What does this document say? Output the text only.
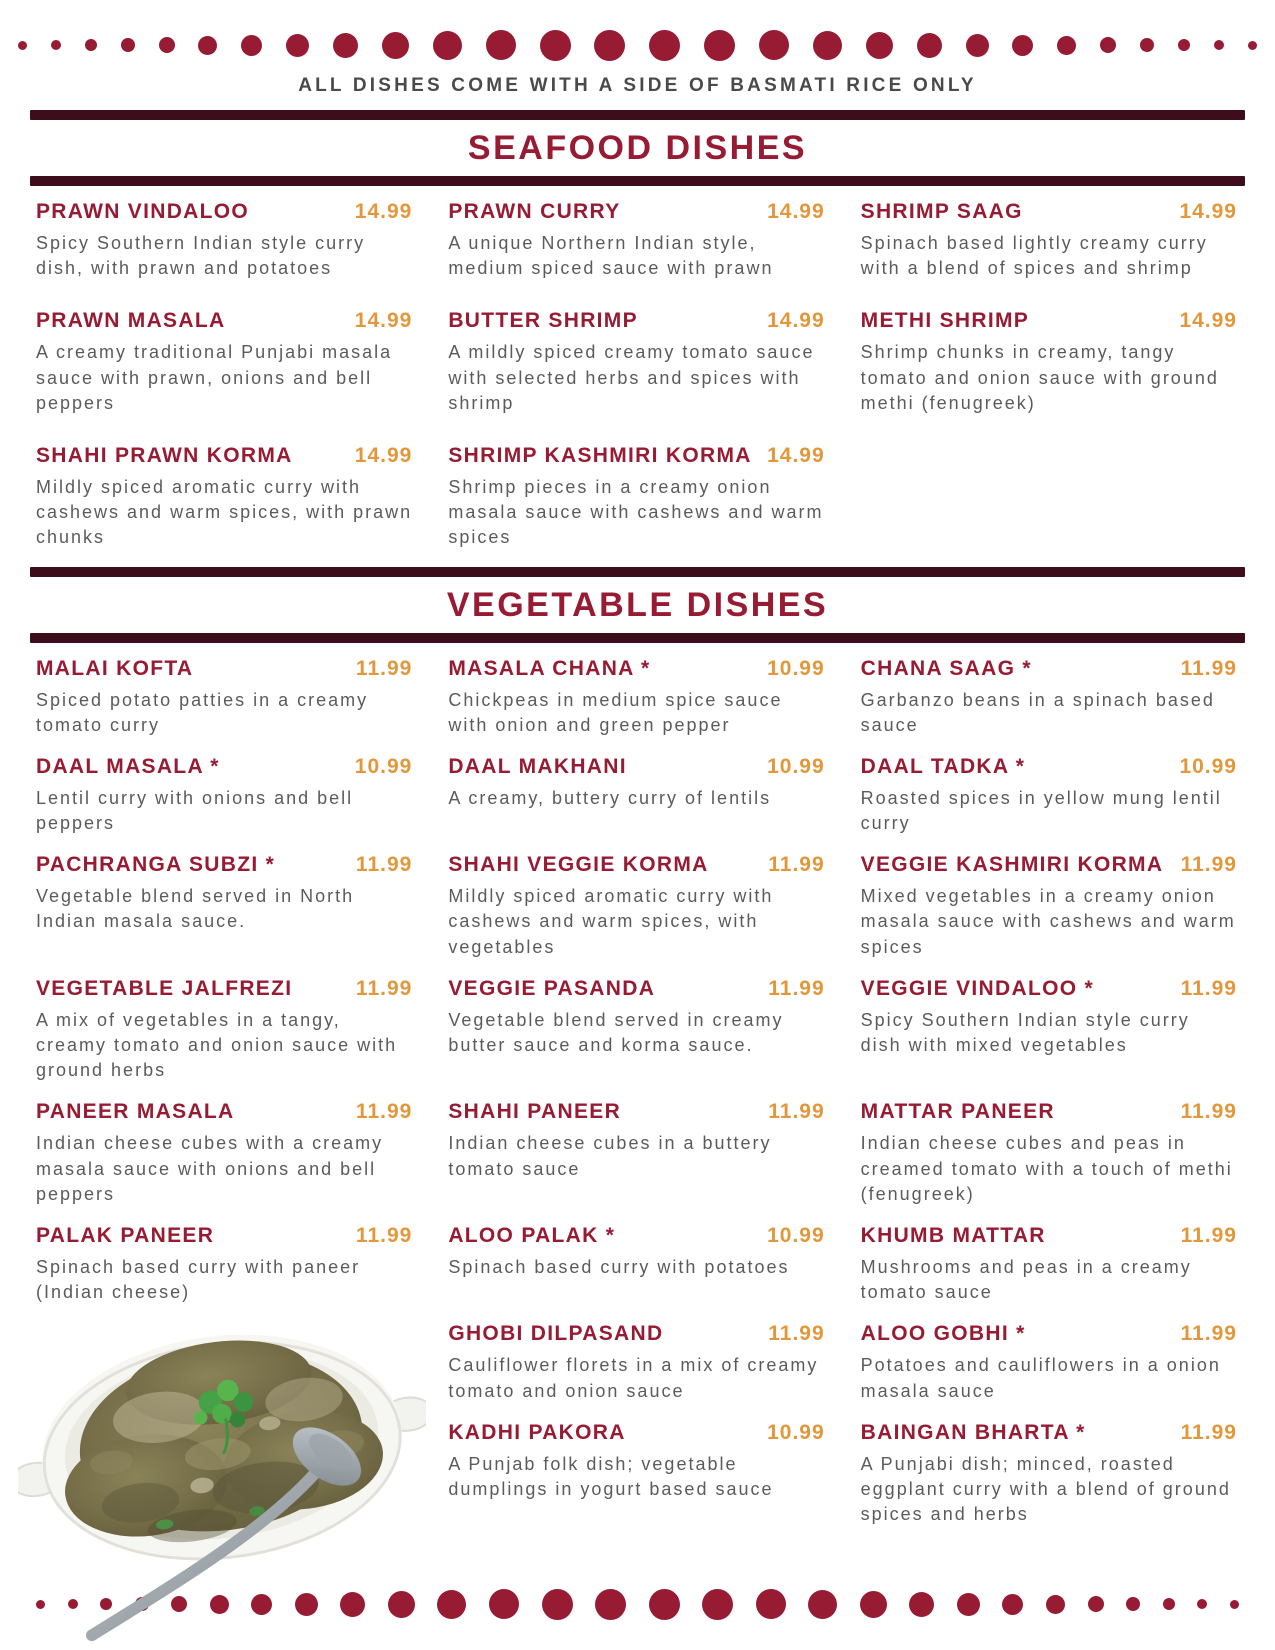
ALL DISHES COME WITH A SIDE OF BASMATI RICE ONLY
SEAFOOD DISHES
PRAWN VINDALOO	14.99

Spicy Southern Indian style curry dish, with prawn and potatoes

PRAWN CURRY	14.99

A unique Northern Indian style, medium spiced sauce with prawn

SHRIMP SAAG	14.99

Spinach based lightly creamy curry with a blend of spices and shrimp

PRAWN MASALA	14.99

A creamy traditional Punjabi masala sauce with prawn, onions and bell peppers

BUTTER SHRIMP	14.99

A mildly spiced creamy tomato sauce with selected herbs and spices with shrimp

METHI SHRIMP	14.99

Shrimp chunks in creamy, tangy tomato and onion sauce with ground methi (fenugreek)

SHAHI PRAWN KORMA	14.99

Mildly spiced aromatic curry with cashews and warm spices, with prawn chunks

SHRIMP KASHMIRI KORMA 14.99

Shrimp pieces in a creamy onion masala sauce with cashews and warm spices

VEGETABLE DISHES
MALAI KOFTA	11.99

Spiced potato patties in a creamy tomato curry

MASALA CHANA *	10.99

Chickpeas in medium spice sauce with onion and green pepper

CHANA SAAG *	11.99

Garbanzo beans in a spinach based sauce

DAAL MASALA *	10.99

Lentil curry with onions and bell peppers

DAAL MAKHANI	10.99

A creamy, buttery curry of lentils

DAAL TADKA *	10.99

Roasted spices in yellow mung lentil curry

PACHRANGA SUBZI *	11.99

Vegetable blend served in North Indian masala sauce.

SHAHI VEGGIE KORMA	11.99

Mildly spiced aromatic curry with cashews and warm spices, with vegetables

VEGGIE KASHMIRI KORMA 11.99

Mixed vegetables in a creamy onion masala sauce with cashews and warm spices

VEGETABLE JALFREZI	11.99

A mix of vegetables in a tangy, creamy tomato and onion sauce with ground herbs

VEGGIE PASANDA	11.99

Vegetable blend served in creamy butter sauce and korma sauce.

VEGGIE VINDALOO *	11.99

Spicy Southern Indian style curry dish with mixed vegetables

PANEER MASALA	11.99

Indian cheese cubes with a creamy masala sauce with onions and bell peppers

SHAHI PANEER	11.99

Indian cheese cubes in a buttery tomato sauce

MATTAR PANEER	11.99

Indian cheese cubes and peas in creamed tomato with a touch of methi (fenugreek)

PALAK PANEER	11.99

Spinach based curry with paneer (Indian cheese)

ALOO PALAK *	10.99

Spinach based curry with potatoes

KHUMB MATTAR	11.99

Mushrooms and peas in a creamy tomato sauce

GHOBI DILPASAND	11.99

Cauliflower florets in a mix of creamy tomato and onion sauce

ALOO GOBHI *	11.99

Potatoes and cauliflowers in a onion masala sauce

KADHI PAKORA	10.99

A Punjab folk dish; vegetable dumplings in yogurt based sauce

BAINGAN BHARTA *	11.99

A Punjabi dish; minced, roasted eggplant curry with a blend of ground spices and herbs
